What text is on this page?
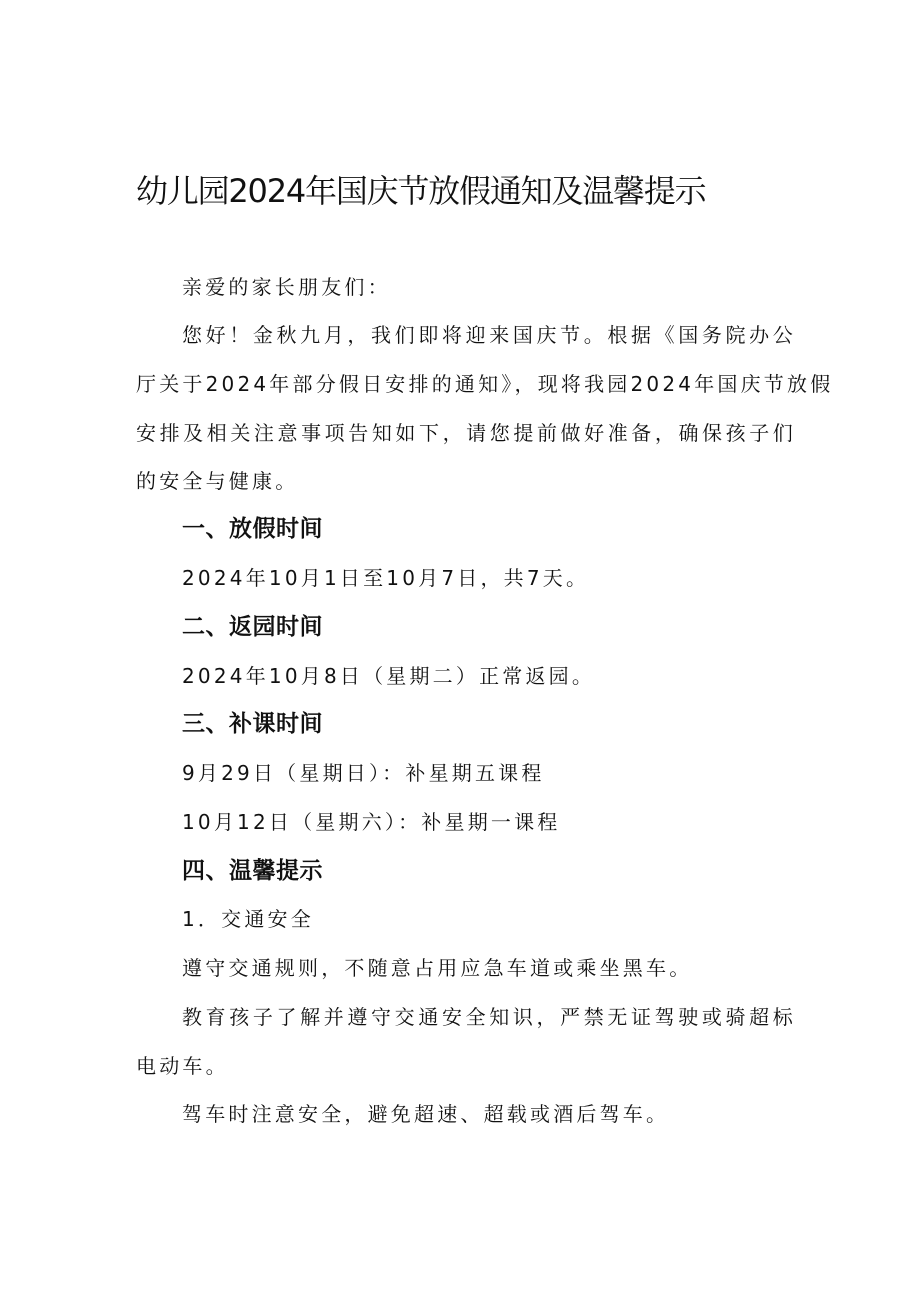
幼儿园2024年国庆节放假通知及温馨提示

亲爱的家长朋友们：

您好！金秋九月，我们即将迎来国庆节。根据《国务院办公

厅关于2024年部分假日安排的通知》，现将我园2024年国庆节放假

安排及相关注意事项告知如下，请您提前做好准备，确保孩子们

的安全与健康。

一、放假时间

2024年10月1日至10月7日，共7天。

二、返园时间

2024年10月8日（星期二）正常返园。

三、补课时间

9月29日（星期日）：补星期五课程

10月12日（星期六）：补星期一课程

四、温馨提示

1．交通安全

遵守交通规则，不随意占用应急车道或乘坐黑车。

教育孩子了解并遵守交通安全知识，严禁无证驾驶或骑超标

电动车。

驾车时注意安全，避免超速、超载或酒后驾车。
